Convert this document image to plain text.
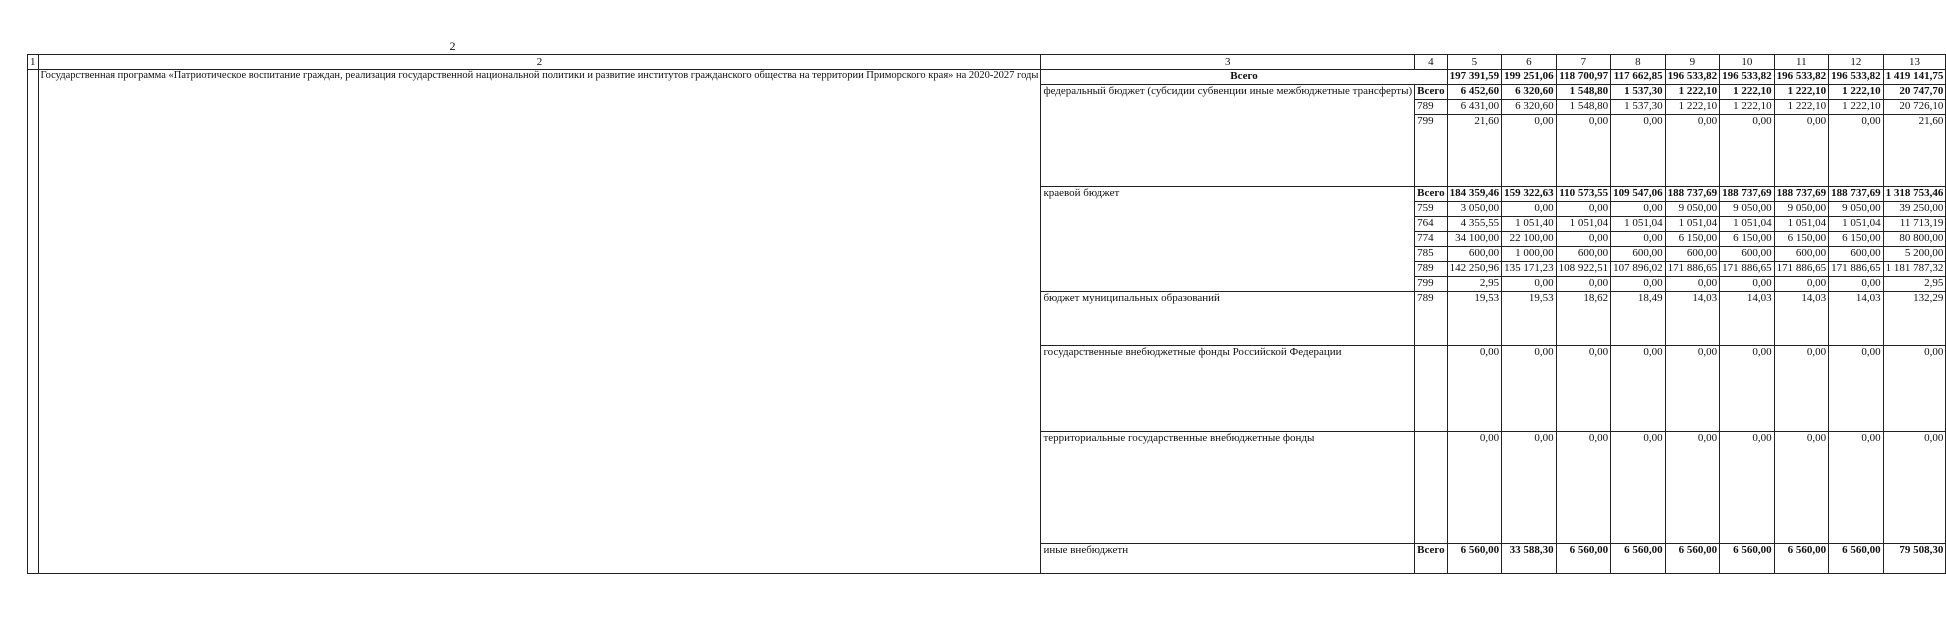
2
1	2	3	4	5	6	7	8	9	10	11	12	13
	Государственная программа «Патриотическое воспитание граждан, реализация государственной национальной политики и развитие институтов гражданского общества на территории Приморского края» на 2020-2027 годы	Всего		197 391,59	199 251,06	118 700,97	117 662,85	196 533,82	196 533,82	196 533,82	196 533,82	1 419 141,75
		федеральный бюджет (субсидии субвенции иные межбюджетные трансферты)	Всего	6 452,60	6 320,60	1 548,80	1 537,30	1 222,10	1 222,10	1 222,10	1 222,10	20 747,70
			789	6 431,00	6 320,60	1 548,80	1 537,30	1 222,10	1 222,10	1 222,10	1 222,10	20 726,10
			799	21,60	0,00	0,00	0,00	0,00	0,00	0,00	0,00	21,60
		краевой бюджет	Всего	184 359,46	159 322,63	110 573,55	109 547,06	188 737,69	188 737,69	188 737,69	188 737,69	1 318 753,46
			759	3 050,00	0,00	0,00	0,00	9 050,00	9 050,00	9 050,00	9 050,00	39 250,00
			764	4 355,55	1 051,40	1 051,04	1 051,04	1 051,04	1 051,04	1 051,04	1 051,04	11 713,19
			774	34 100,00	22 100,00	0,00	0,00	6 150,00	6 150,00	6 150,00	6 150,00	80 800,00
			785	600,00	1 000,00	600,00	600,00	600,00	600,00	600,00	600,00	5 200,00
			789	142 250,96	135 171,23	108 922,51	107 896,02	171 886,65	171 886,65	171 886,65	171 886,65	1 181 787,32
			799	2,95	0,00	0,00	0,00	0,00	0,00	0,00	0,00	2,95
		бюджет муниципальных образований	789	19,53	19,53	18,62	18,49	14,03	14,03	14,03	14,03	132,29
		государственные внебюджетные фонды Российской Федерации		0,00	0,00	0,00	0,00	0,00	0,00	0,00	0,00	0,00
		территориальные государственные внебюджетные фонды		0,00	0,00	0,00	0,00	0,00	0,00	0,00	0,00	0,00
		иные внебюджетн	Всего	6 560,00	33 588,30	6 560,00	6 560,00	6 560,00	6 560,00	6 560,00	6 560,00	79 508,30
